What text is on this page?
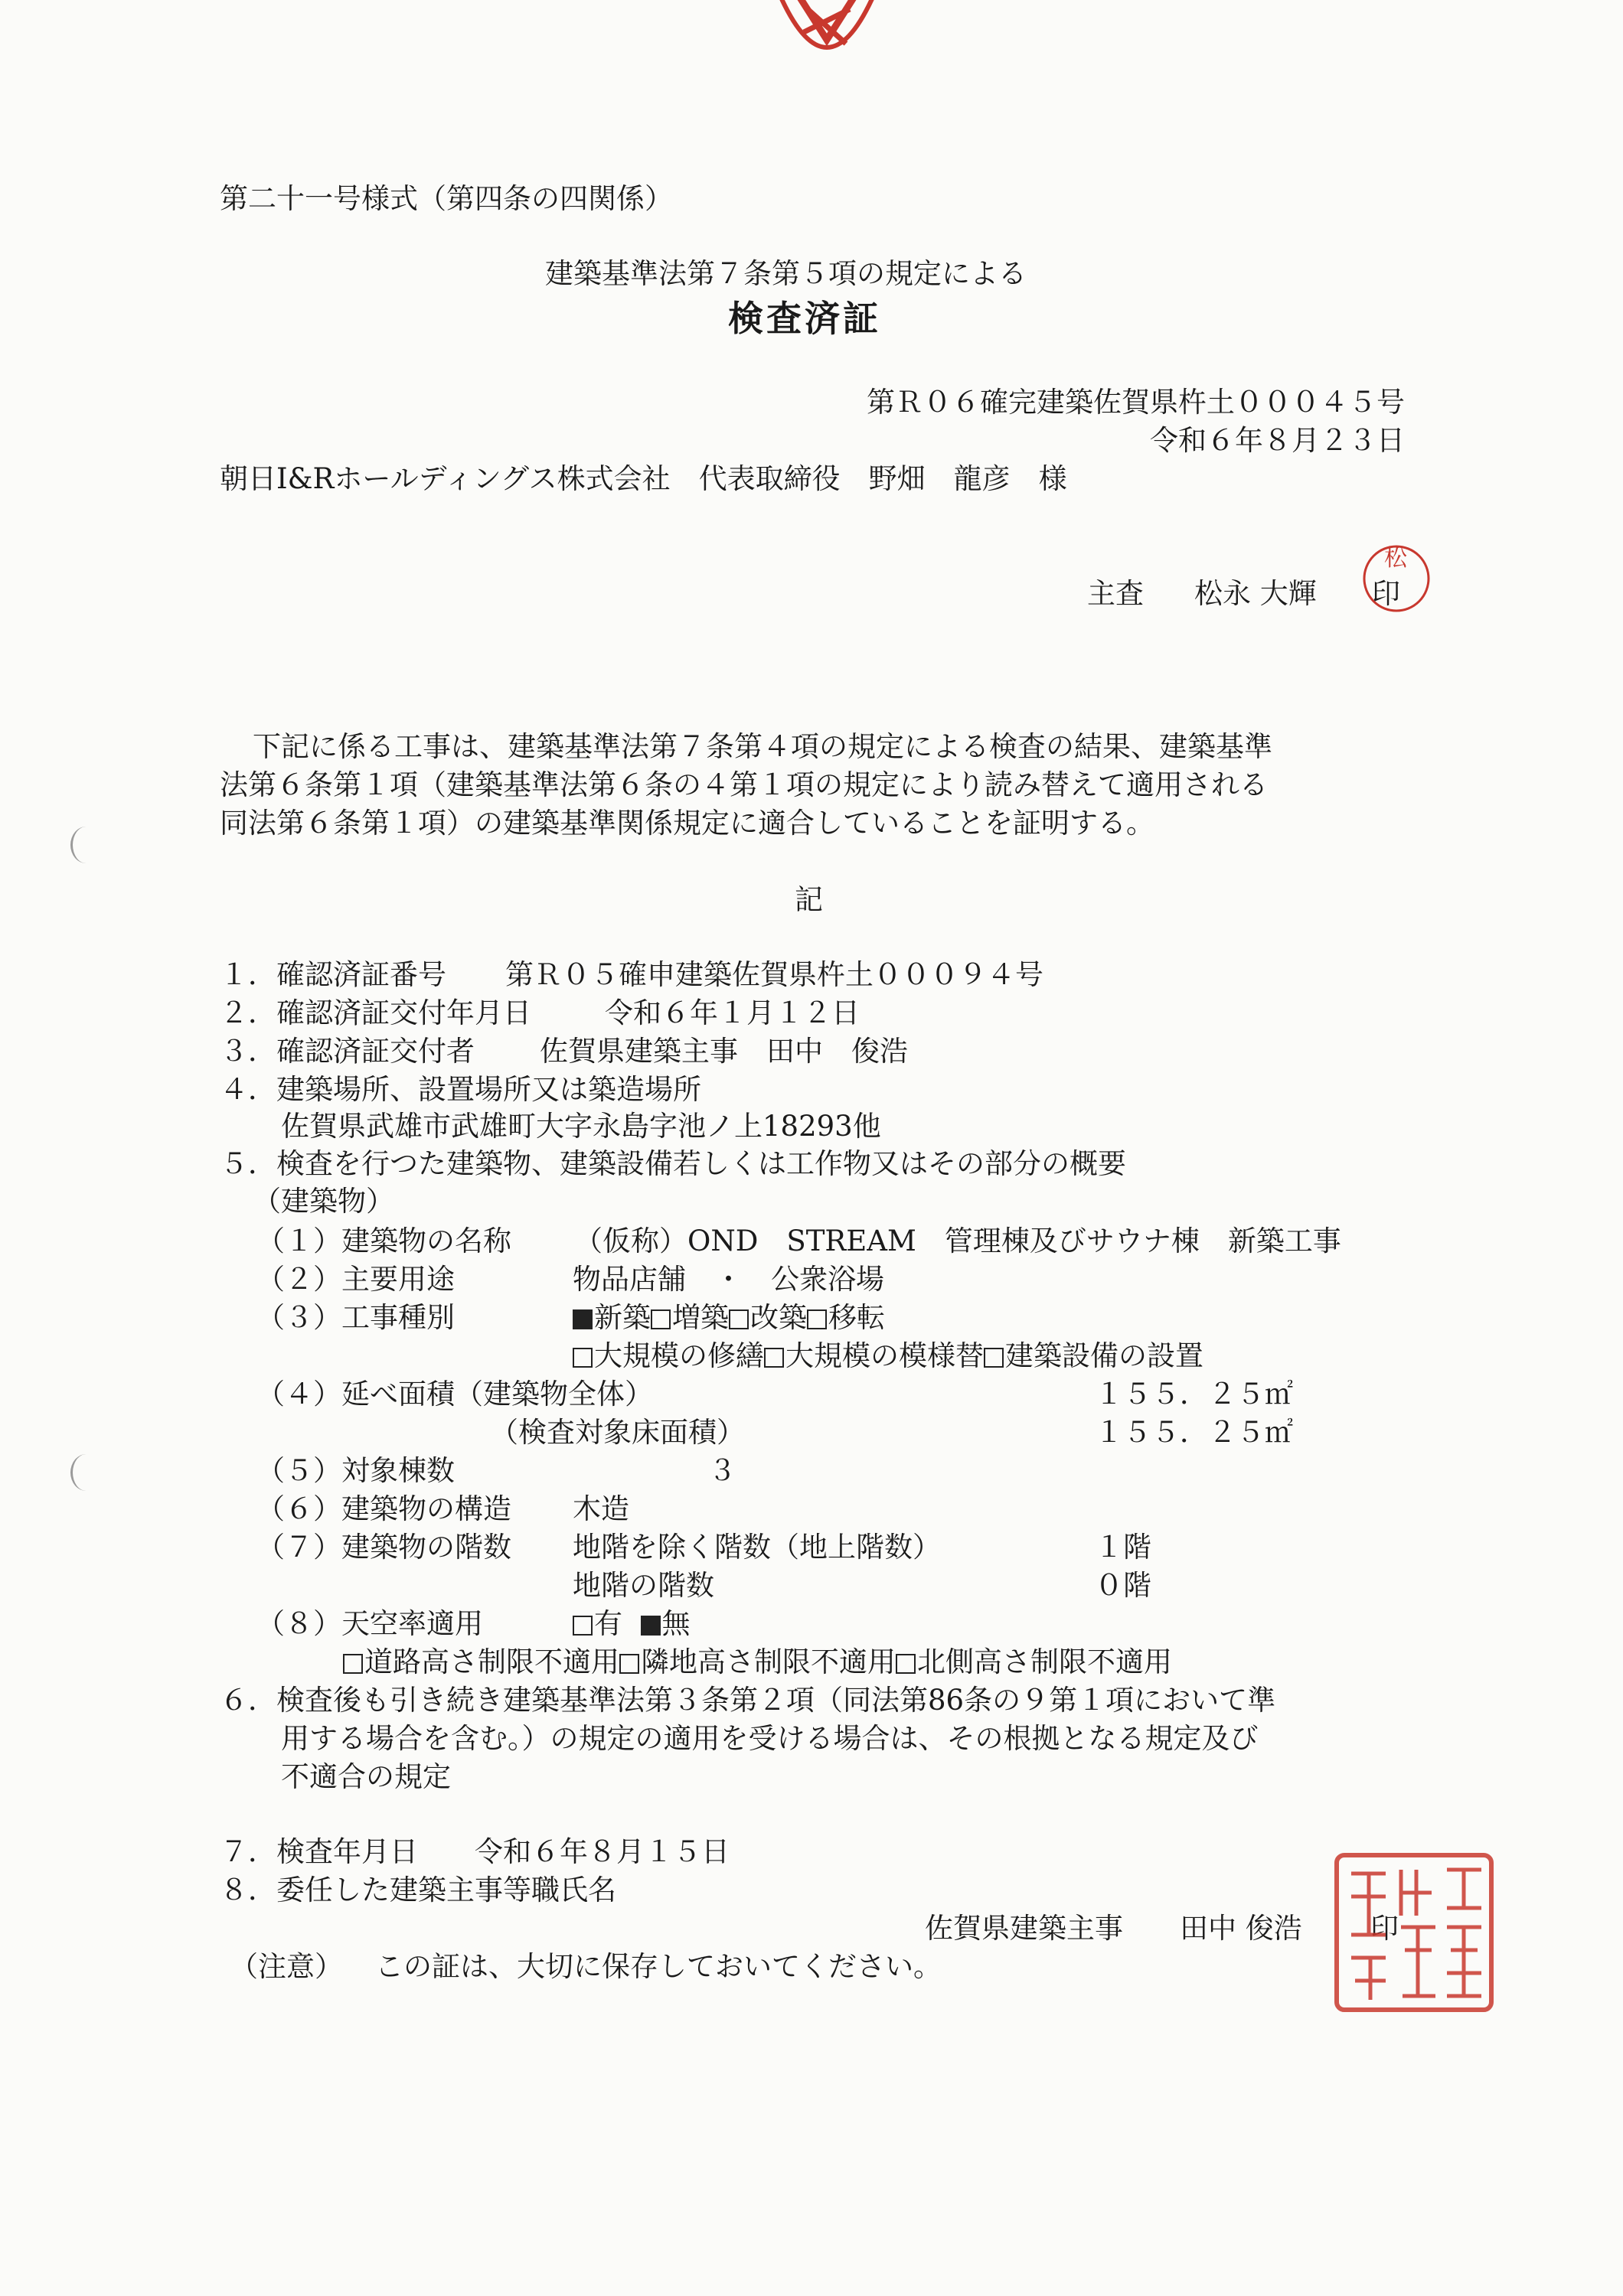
第二十一号様式（第四条の四関係）
建築基準法第７条第５項の規定による
検査済証
第Ｒ０６確完建築佐賀県杵土０００４５号
令和６年８月２３日
朝日I&Rホールディングス株式会社　代表取締役　野畑　龍彦　様
主査 松永 大輝
松
印
下記に係る工事は、建築基準法第７条第４項の規定による検査の結果、建築基準
法第６条第１項（建築基準法第６条の４第１項の規定により読み替えて適用される
同法第６条第１項）の建築基準関係規定に適合していることを証明する。
記
１．確認済証番号 第Ｒ０５確申建築佐賀県杵土０００９４号
２．確認済証交付年月日	令和６年１月１２日
３．確認済証交付者 佐賀県建築主事　田中　俊浩
４．建築場所、設置場所又は築造場所
佐賀県武雄市武雄町大字永島字池ノ上18293他
５．検査を行つた建築物、建築設備若しくは工作物又はその部分の概要
（建築物）
（１）建築物の名称 （仮称）OND　STREAM　管理棟及びサウナ棟　新築工事
（２）主要用途	物品店舗　・　公衆浴場
（３）工事種別	新築 増築 改築 移転
大規模の修繕 大規模の模様替 建築設備の設置
（４）延べ面積（建築物全体）	１５５．２５㎡
（検査対象床面積）	１５５．２５㎡
（５）対象棟数	３
（６）建築物の構造 木造
（７）建築物の階数 地階を除く階数（地上階数）	１階
地階の階数	０階
（８）天空率適用	有 無
道路高さ制限不適用 隣地高さ制限不適用 北側高さ制限不適用
６．検査後も引き続き建築基準法第３条第２項（同法第86条の９第１項において準
用する場合を含む。）の規定の適用を受ける場合は、その根拠となる規定及び
不適合の規定
７．検査年月日 令和６年８月１５日
８．委任した建築主事等職氏名
佐賀県建築主事　　田中 俊浩 印
（注意） この証は、大切に保存しておいてください。
